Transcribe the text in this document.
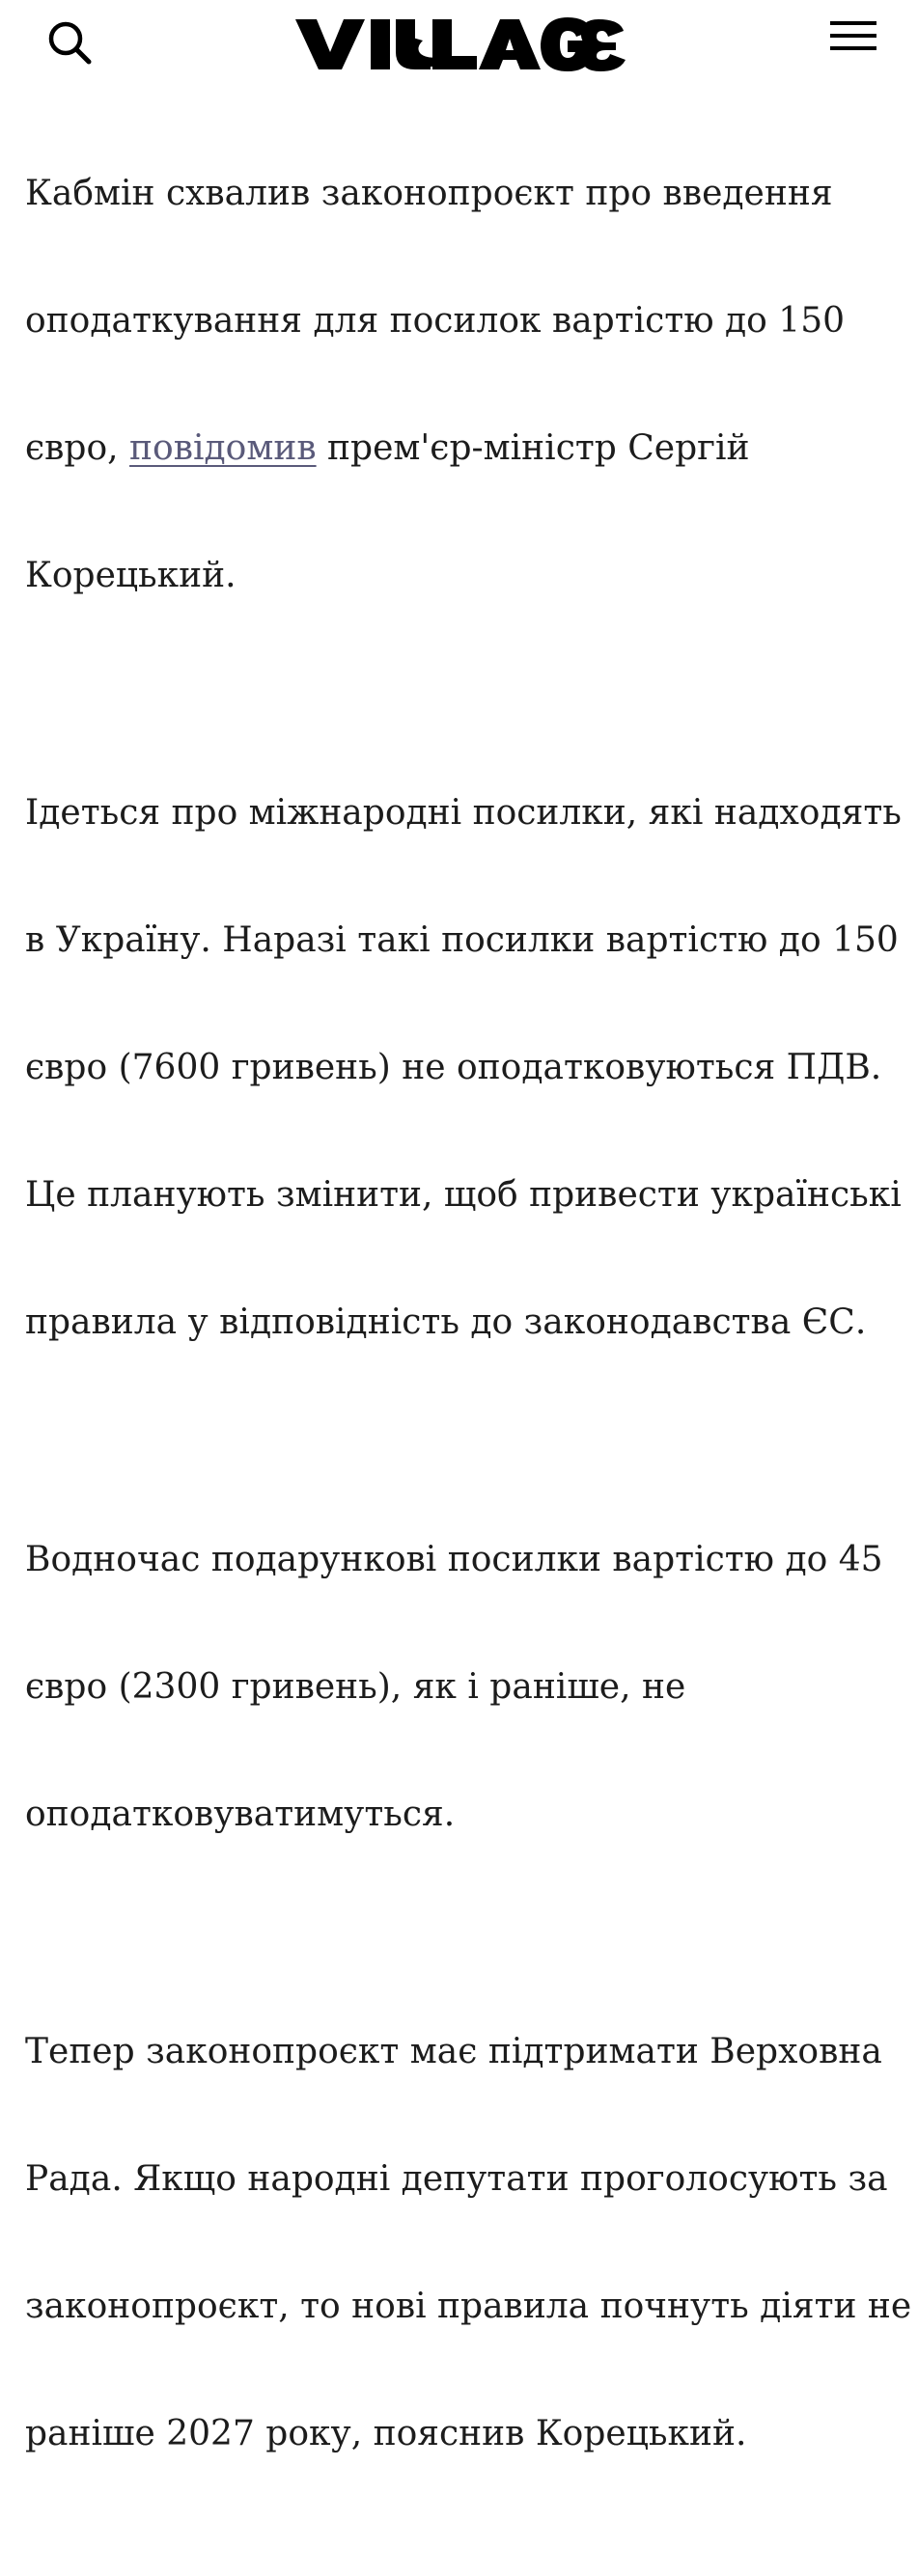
Кабмін схвалив законопроєкт про введення

оподаткування для посилок вартістю до 150

євро, повідомив прем'єр-міністр Сергій

Корецький.

Ідеться про міжнародні посилки, які надходять

в Україну. Наразі такі посилки вартістю до 150

євро (7600 гривень) не оподатковуються ПДВ.

Це планують змінити, щоб привести українські

правила у відповідність до законодавства ЄС.

Водночас подарункові посилки вартістю до 45

євро (2300 гривень), як і раніше, не

оподатковуватимуться.

Тепер законопроєкт має підтримати Верховна

Рада. Якщо народні депутати проголосують за

законопроєкт, то нові правила почнуть діяти не

раніше 2027 року, пояснив Корецький.
